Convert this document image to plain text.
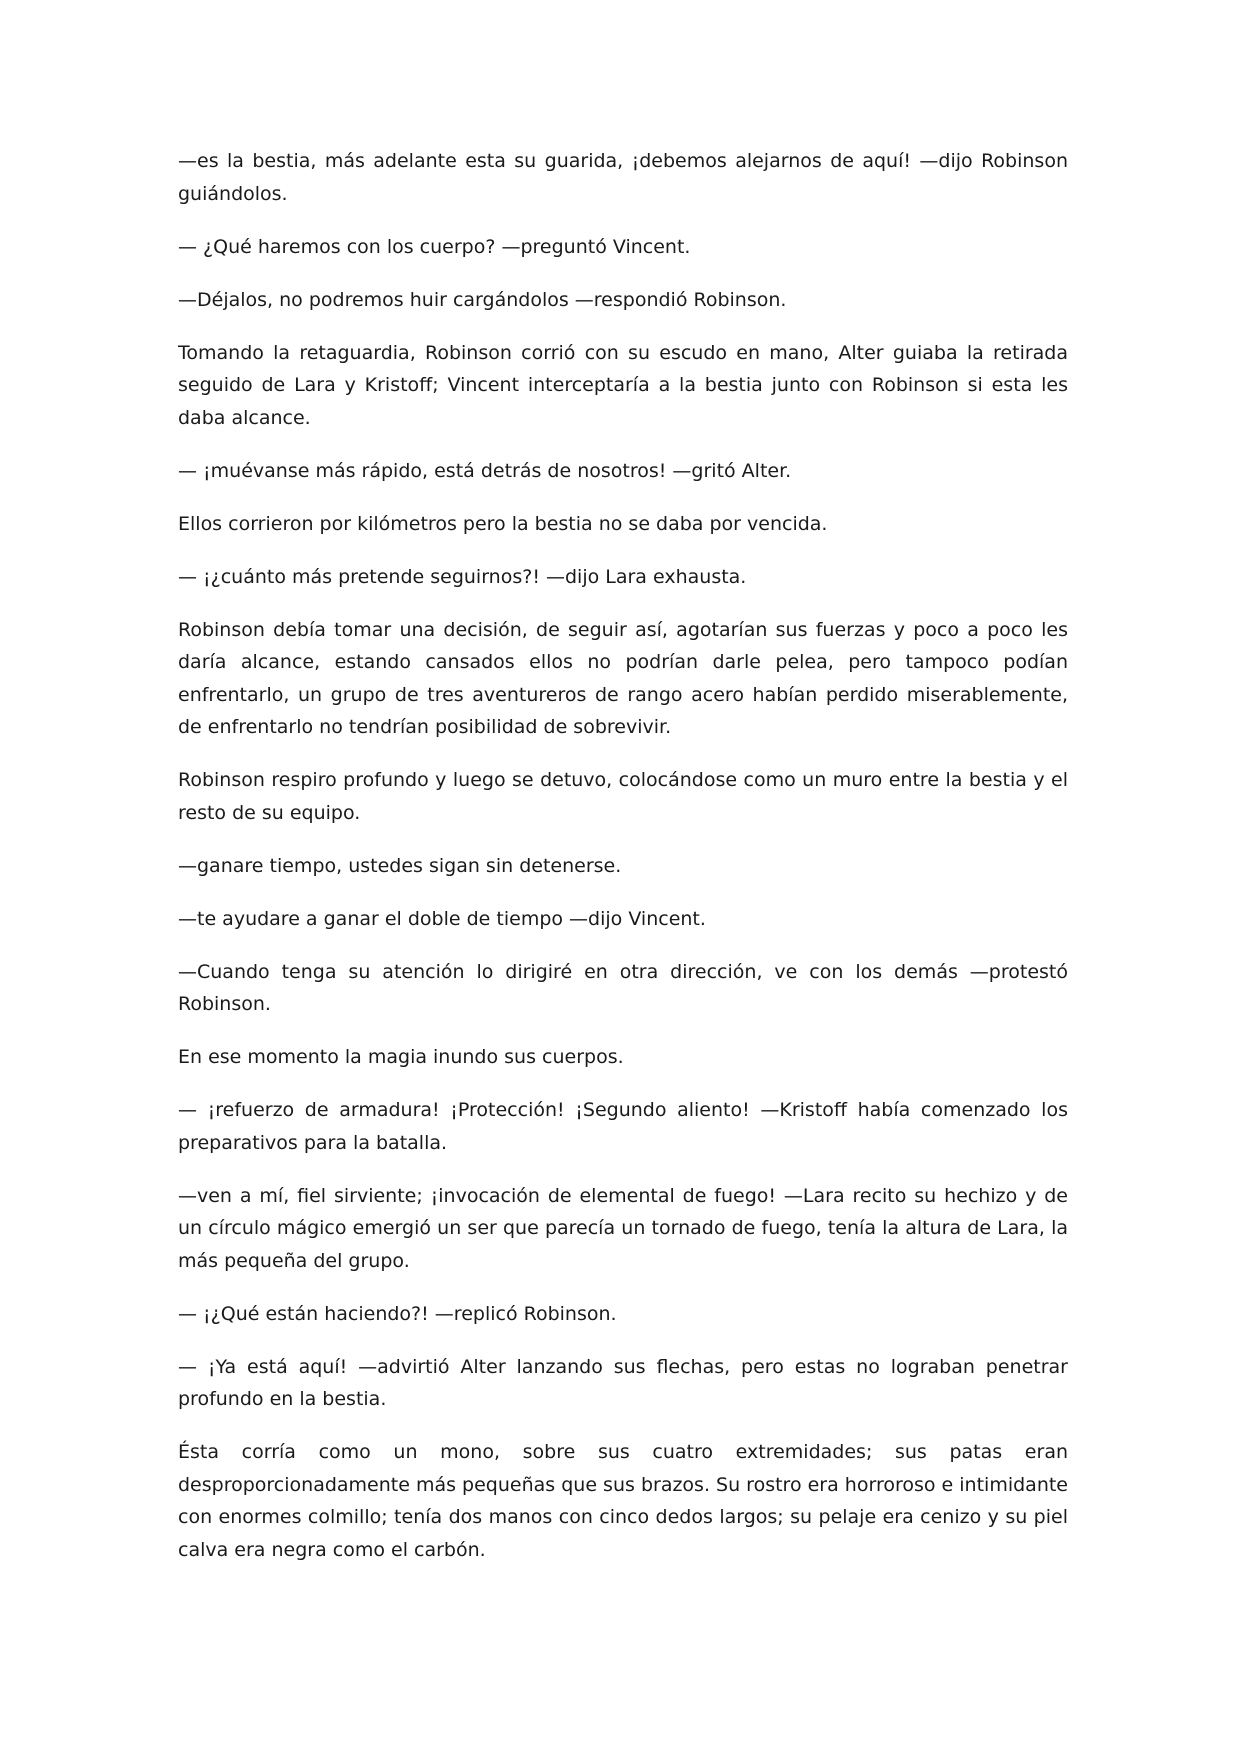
—es la bestia, más adelante esta su guarida, ¡debemos alejarnos de aquí! —dijo Robinson guiándolos.

— ¿Qué haremos con los cuerpo? —preguntó Vincent.

—Déjalos, no podremos huir cargándolos —respondió Robinson.

Tomando la retaguardia, Robinson corrió con su escudo en mano, Alter guiaba la retirada seguido de Lara y Kristoff; Vincent interceptaría a la bestia junto con Robinson si esta les daba alcance.

— ¡muévanse más rápido, está detrás de nosotros! —gritó Alter.

Ellos corrieron por kilómetros pero la bestia no se daba por vencida.

— ¡¿cuánto más pretende seguirnos?! —dijo Lara exhausta.

Robinson debía tomar una decisión, de seguir así, agotarían sus fuerzas y poco a poco les daría alcance, estando cansados ellos no podrían darle pelea, pero tampoco podían enfrentarlo, un grupo de tres aventureros de rango acero habían perdido miserablemente, de enfrentarlo no tendrían posibilidad de sobrevivir.

Robinson respiro profundo y luego se detuvo, colocándose como un muro entre la bestia y el resto de su equipo.

—ganare tiempo, ustedes sigan sin detenerse.

—te ayudare a ganar el doble de tiempo —dijo Vincent.

—Cuando tenga su atención lo dirigiré en otra dirección, ve con los demás —protestó Robinson.

En ese momento la magia inundo sus cuerpos.

— ¡refuerzo de armadura! ¡Protección! ¡Segundo aliento! —Kristoff había comenzado los preparativos para la batalla.

—ven a mí, fiel sirviente; ¡invocación de elemental de fuego! —Lara recito su hechizo y de un círculo mágico emergió un ser que parecía un tornado de fuego, tenía la altura de Lara, la más pequeña del grupo.

— ¡¿Qué están haciendo?! —replicó Robinson.

— ¡Ya está aquí! —advirtió Alter lanzando sus flechas, pero estas no lograban penetrar profundo en la bestia.

Ésta corría como un mono, sobre sus cuatro extremidades; sus patas eran desproporcionadamente más pequeñas que sus brazos. Su rostro era horroroso e intimidante con enormes colmillo; tenía dos manos con cinco dedos largos; su pelaje era cenizo y su piel calva era negra como el carbón.
